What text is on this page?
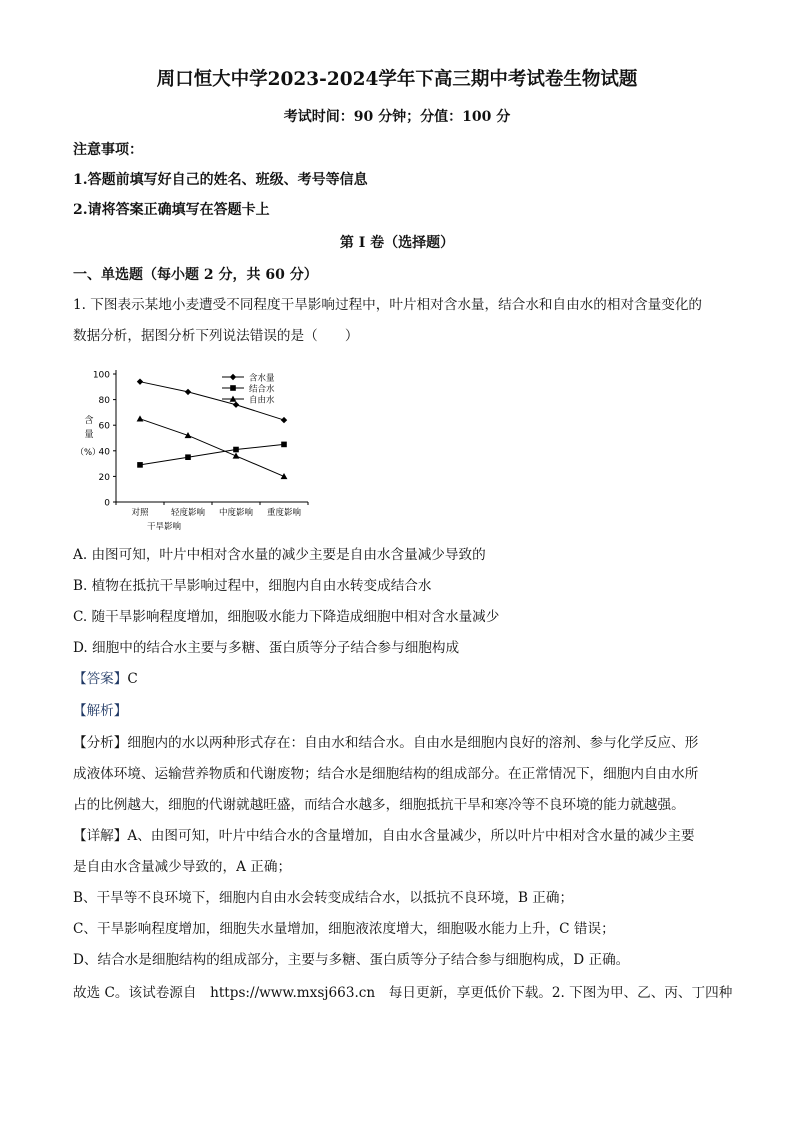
周口恒大中学2023-2024学年下高三期中考试卷生物试题
考试时间：90 分钟；分值：100 分
注意事项：
1.答题前填写好自己的姓名、班级、考号等信息
2.请将答案正确填写在答题卡上
第 I 卷（选择题）
一、单选题（每小题 2 分，共 60 分）
1. 下图表示某地小麦遭受不同程度干旱影响过程中，叶片相对含水量，结合水和自由水的相对含量变化的
数据分析，据图分析下列说法错误的是（　　）
0
20
40
60
80
100
对照	轻度影响 中度影响 重度影响
干旱影响
含
量
（%）
含水量
结合水
自由水
A. 由图可知，叶片中相对含水量的减少主要是自由水含量减少导致的
B. 植物在抵抗干旱影响过程中，细胞内自由水转变成结合水
C. 随干旱影响程度增加，细胞吸水能力下降造成细胞中相对含水量减少
D. 细胞中的结合水主要与多糖、蛋白质等分子结合参与细胞构成
【答案】C
【解析】
【分析】细胞内的水以两种形式存在：自由水和结合水。自由水是细胞内良好的溶剂、参与化学反应、形
成液体环境、运输营养物质和代谢废物；结合水是细胞结构的组成部分。在正常情况下，细胞内自由水所
占的比例越大，细胞的代谢就越旺盛，而结合水越多，细胞抵抗干旱和寒冷等不良环境的能力就越强。
【详解】A、由图可知，叶片中结合水的含量增加，自由水含量减少，所以叶片中相对含水量的减少主要
是自由水含量减少导致的，A 正确；
B、干旱等不良环境下，细胞内自由水会转变成结合水，以抵抗不良环境，B 正确；
C、干旱影响程度增加，细胞失水量增加，细胞液浓度增大，细胞吸水能力上升，C 错误；
D、结合水是细胞结构的组成部分，主要与多糖、蛋白质等分子结合参与细胞构成，D 正确。
故选 C。该试卷源自　https://www.mxsj663.cn　每日更新，享更低价下载。2. 下图为甲、乙、丙、丁四种
